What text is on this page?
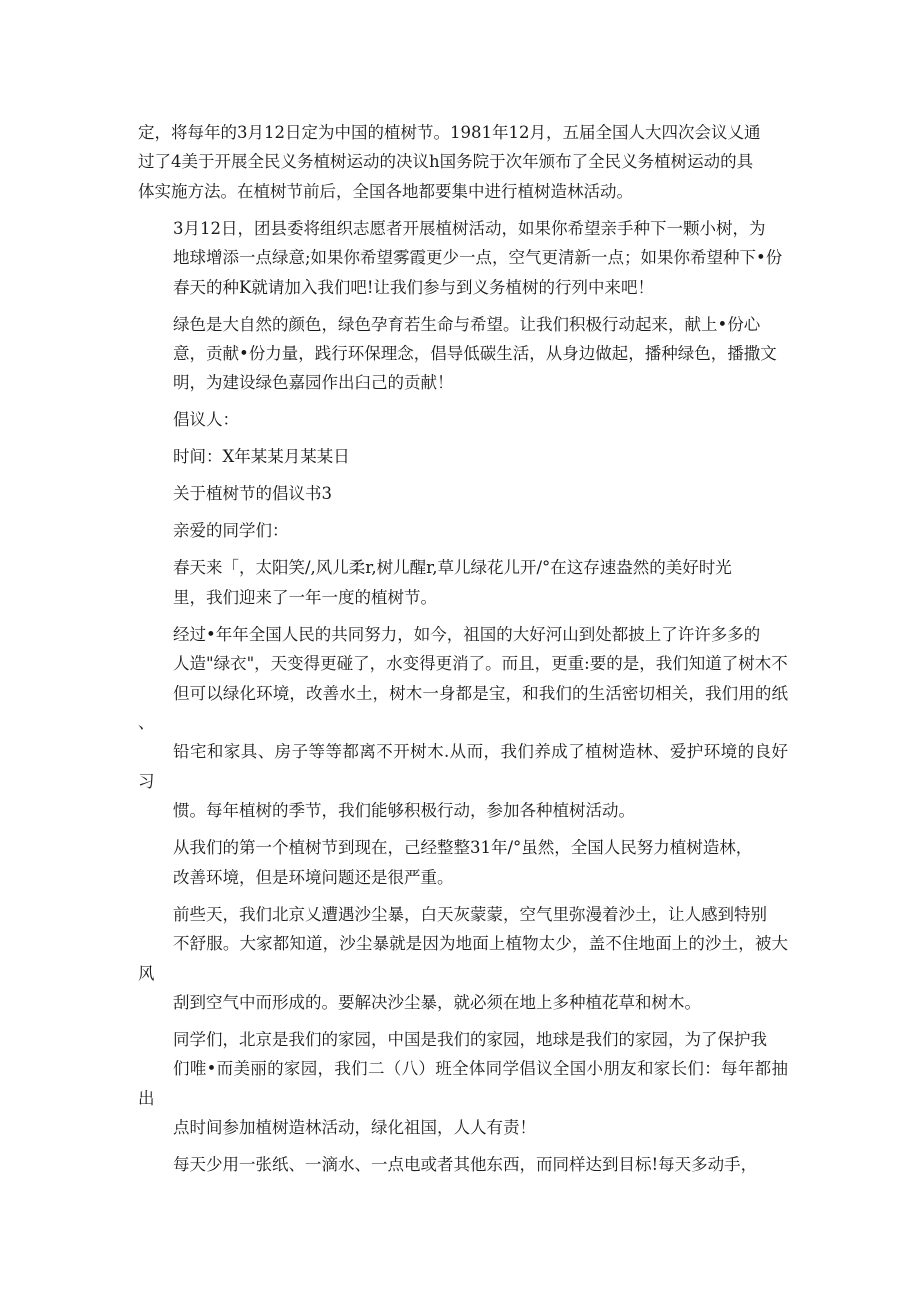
定，将每年的3月12日定为中国的植树节。1981年12月，五届全国人大四次会议乂通
过了4美于开展全民义务植树运动的决议h国务院于次年颁布了全民义务植树运动的具
体实施方法。在植树节前后，全国各地都要集中进行植树造林活动。
3月12日，团县委将组织志愿者开展植树活动，如果你希望亲手种下一颗小树，为
地球增添一点绿意;如果你希望雾霞更少一点，空气更清新一点；如果你希望种下•份
春天的种K就请加入我们吧!让我们参与到义务植树的行列中来吧！
绿色是大自然的颜色，绿色孕育若生命与希望。让我们积极行动起来，献上•份心
意，贡献•份力量，践行环保理念，倡导低碳生活，从身边做起，播种绿色，播撒文
明，为建设绿色嘉园作出臼己的贡献！
倡议人：
时间：X年某某月某某日
关于植树节的倡议书3
亲爱的同学们：
春天来「，太阳笑/,风儿柔r,树儿醒r,草儿绿花儿开/°在这存速盎然的美好时光
里，我们迎来了一年一度的植树节。
经过•年年全国人民的共同努力，如今，祖国的大好河山到处都披上了许许多多的
人造"绿衣"，天变得更碰了，水变得更消了。而且，更重:要的是，我们知道了树木不
但可以绿化环境，改善水土，树木一身都是宝，和我们的生活密切相关，我们用的纸、
铅宅和家具、房子等等都离不开树木.从而，我们养成了植树造林、爱护环境的良好习
惯。每年植树的季节，我们能够积极行动，参加各种植树活动。
从我们的第一个植树节到现在，己经整整31年/°虽然，全国人民努力植树造林，
改善环境，但是环境问题还是很严重。
前些天，我们北京乂遭遇沙尘暴，白天灰蒙蒙，空气里弥漫着沙土，让人感到特别
不舒服。大家都知道，沙尘暴就是因为地面上植物太少，盖不住地面上的沙土，被大风
刮到空气中而形成的。要解决沙尘暴，就必须在地上多种植花草和树木。
同学们，北京是我们的家园，中国是我们的家园，地球是我们的家园，为了保护我
们唯•而美丽的家园，我们二（八）班全体同学倡议全国小朋友和家长们：每年都抽出
点时间参加植树造林活动，绿化祖国，人人有责！
每天少用一张纸、一滴水、一点电或者其他东西，而同样达到目标!每天多动手，
